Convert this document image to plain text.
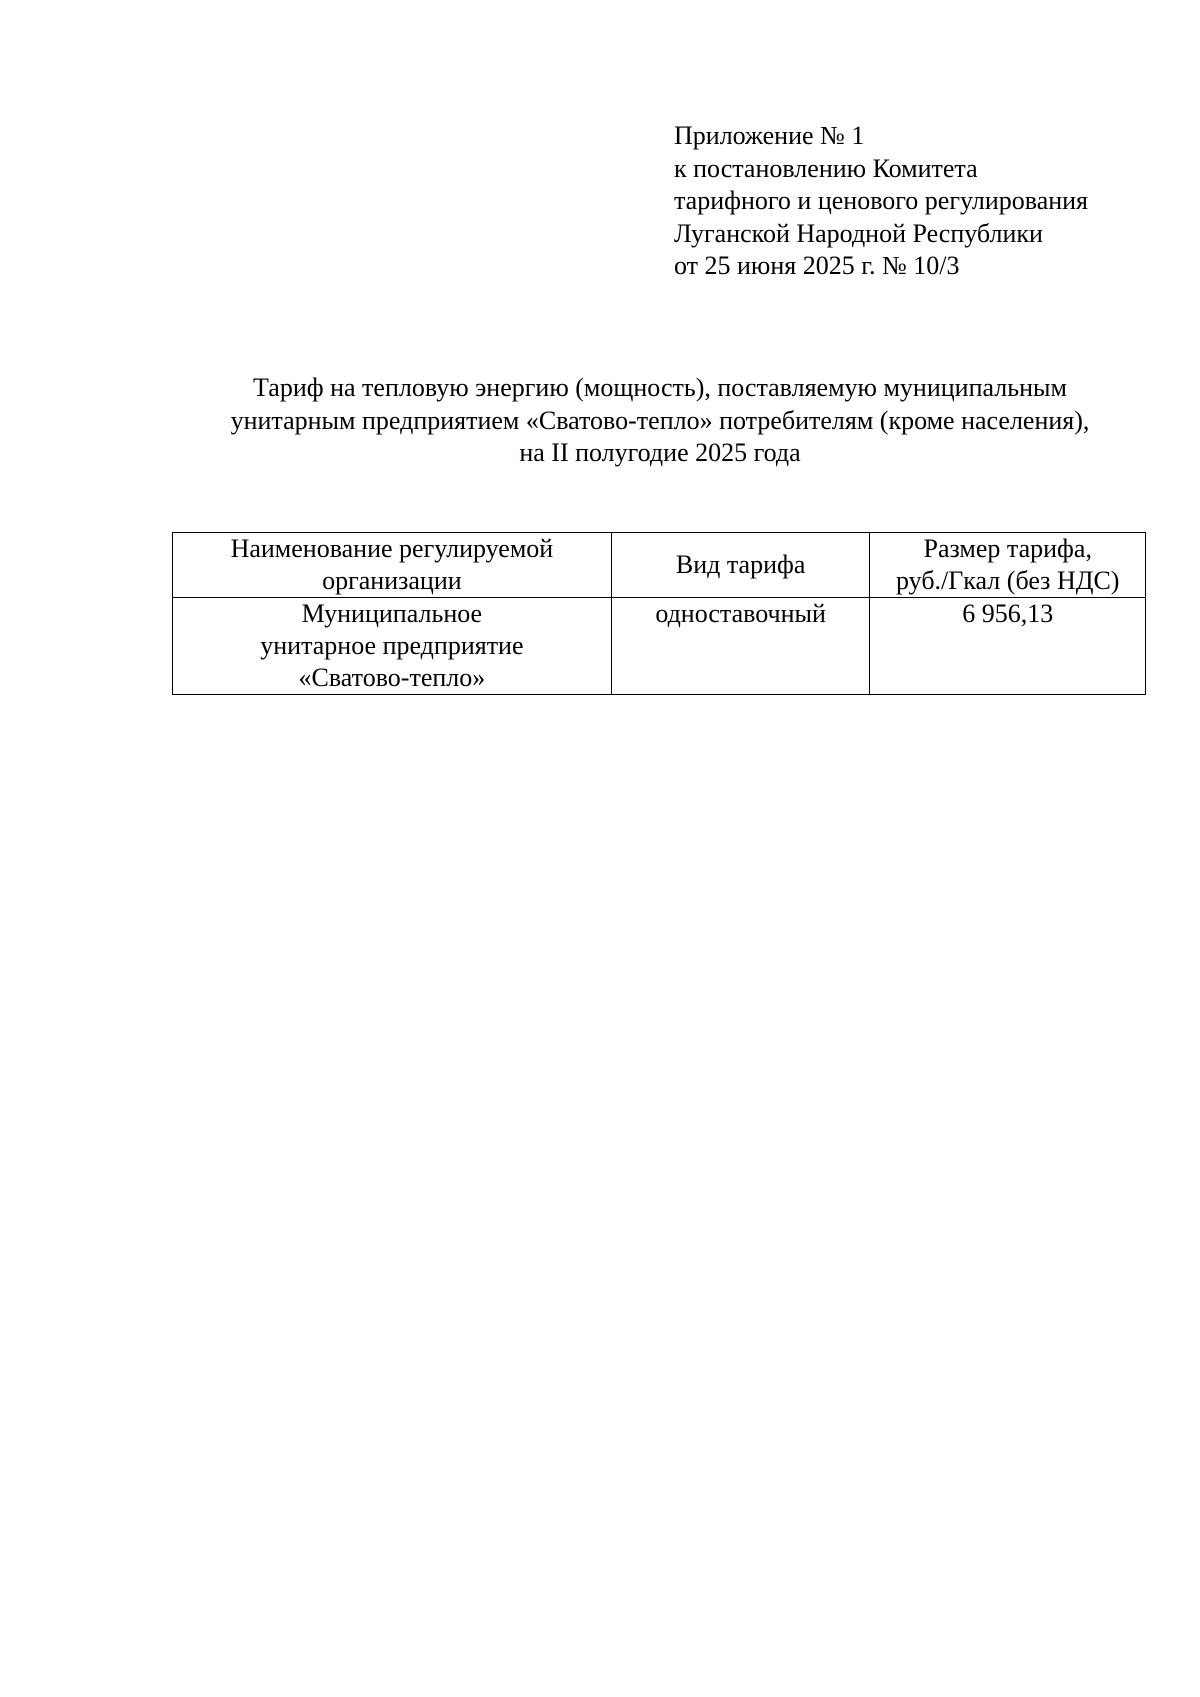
Приложение № 1
к постановлению Комитета
тарифного и ценового регулирования
Луганской Народной Республики
от 25 июня 2025 г. № 10/3
Тариф на тепловую энергию (мощность), поставляемую муниципальным
унитарным предприятием «Сватово-тепло» потребителям (кроме населения),
на II полугодие 2025 года
Наименование регулируемой
организации	Вид тарифа	Размер тарифа,
руб./Гкал (без НДС)

Муниципальное
унитарное предприятие
«Сватово-тепло»	одноставочный	6 956,13
